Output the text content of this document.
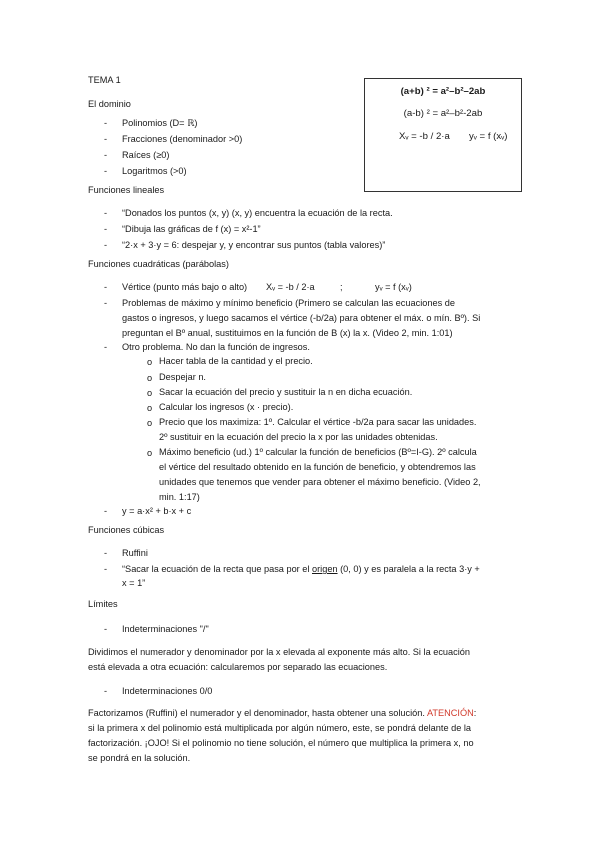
TEMA 1
El dominio
- Polinomios (D= ℝ)
- Fracciones (denominador >0)
- Raíces (≥0)
- Logaritmos (>0)
(a+b) ² = a²–b²–2ab
(a-b) ² = a²–b²-2ab
Xᵥ = -b / 2·a yᵥ = f (xᵥ)
Funciones lineales
- “Donados los puntos (x, y) (x, y) encuentra la ecuación de la recta.
- “Dibuja las gráficas de f (x) = x²-1”
- “2·x + 3·y = 6: despejar y, y encontrar sus puntos (tabla valores)”
Funciones cuadráticas (parábolas)
- Vértice (punto más bajo o alto) Xᵥ = -b / 2·a	;	yᵥ = f (xᵥ)
- Problemas de máximo y mínimo beneficio (Primero se calculan las ecuaciones de
gastos o ingresos, y luego sacamos el vértice (-b/2a) para obtener el máx. o mín. Bº). Si
preguntan el Bº anual, sustituimos en la función de B (x) la x. (Video 2, min. 1:01)
- Otro problema. No dan la función de ingresos.
o Hacer tabla de la cantidad y el precio.
o Despejar n.
o Sacar la ecuación del precio y sustituir la n en dicha ecuación.
o Calcular los ingresos (x · precio).
o Precio que los maximiza: 1º. Calcular el vértice -b/2a para sacar las unidades.
2º sustituir en la ecuación del precio la x por las unidades obtenidas.
o Máximo beneficio (ud.) 1º calcular la función de beneficios (Bº=I-G). 2º calcula
el vértice del resultado obtenido en la función de beneficio, y obtendremos las
unidades que tenemos que vender para obtener el máximo beneficio. (Video 2,
min. 1:17)
- y = a·x² + b·x + c
Funciones cúbicas
- Ruffini
- “Sacar la ecuación de la recta que pasa por el origen (0, 0) y es paralela a la recta 3·y +
x = 1”
Límites
- Indeterminaciones "/"
Dividimos el numerador y denominador por la x elevada al exponente más alto. Si la ecuación
está elevada a otra ecuación: calcularemos por separado las ecuaciones.
- Indeterminaciones 0/0
Factorizamos (Ruffini) el numerador y el denominador, hasta obtener una solución. ATENCIÓN:
si la primera x del polinomio está multiplicada por algún número, este, se pondrá delante de la
factorización. ¡OJO! Si el polinomio no tiene solución, el número que multiplica la primera x, no
se pondrá en la solución.
